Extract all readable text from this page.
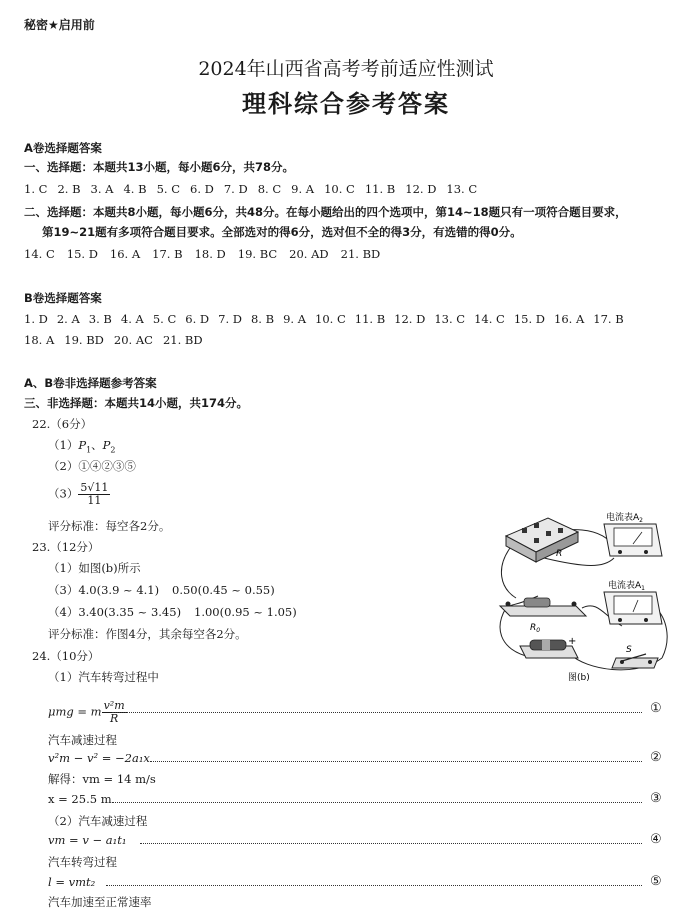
秘密★启用前
2024年山西省高考考前适应性测试
理科综合参考答案
A卷选择题答案
一、选择题：本题共13小题，每小题6分，共78分。
1. C 2. B 3. A 4. B 5. C 6. D 7. D 8. C 9. A 10. C 11. B 12. D 13. C
二、选择题：本题共8小题，每小题6分，共48分。在每小题给出的四个选项中，第14~18题只有一项符合题目要求，
第19~21题有多项符合题目要求。全部选对的得6分，选对但不全的得3分，有选错的得0分。
14. C 15. D 16. A 17. B 18. D 19. BC 20. AD 21. BD
B卷选择题答案
1. D 2. A 3. B 4. A 5. C 6. D 7. D 8. B 9. A 10. C 11. B 12. D 13. C 14. C 15. D 16. A 17. B
18. A 19. BD 20. AC 21. BD
A、B卷非选择题参考答案
三、非选择题：本题共14小题，共174分。
22.（6分）
$(1)P_1$、$P_2$
（2）①④②③⑤
$(3) \frac{5√11}{11}$
评分标准：每空各2分。
23.（12分）
（1）如图(b)所示
（3）4.0(3.9 ~ 4.1) 0.50(0.45 ~ 0.55)
（4）3.40(3.35 ~ 3.45) 1.00(0.95 ~ 1.05)
评分标准：作图4分，其余每空各2分。
24.（10分）
（1）汽车转弯过程中
μmg = m $\frac{\text{v²m}}{R}$	①
汽车减速过程
v²m − v² = −2a₁x	②
解得：vm = 14 m/s
x = 25.5 m	③
（2）汽车减速过程
vm = v − a₁t₁	④
汽车转弯过程
l = vmt₂	⑤
汽车加速至正常速率
R
电流表$A_2$
电流表$A_1$
$R_0$
+
S
图(b)
